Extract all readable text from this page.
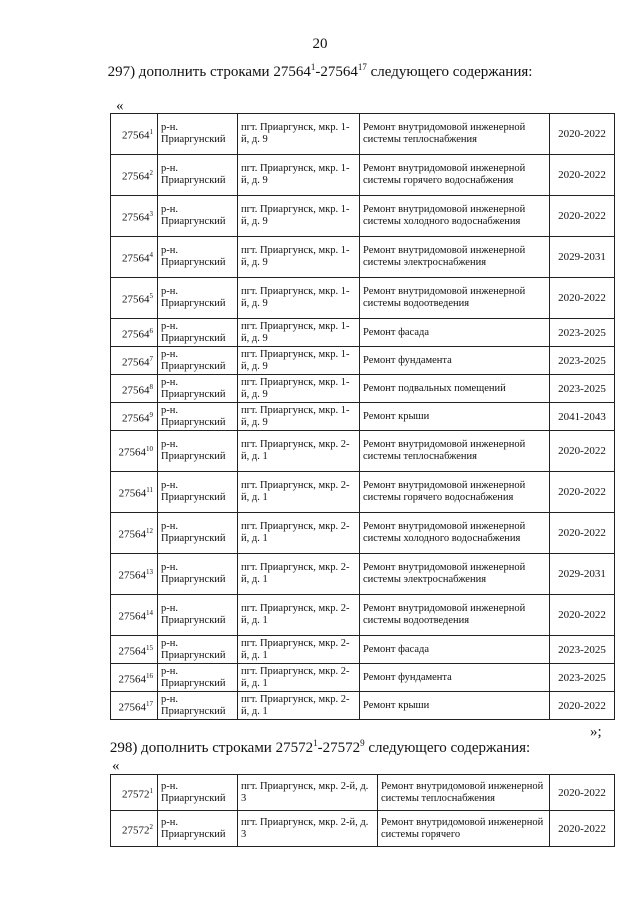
20
297) дополнить строками 27564$^1$-27564$^{17}$ следующего содержания:
«
27564$^1$	р-н. Приаргунский	пгт. Приаргунск, мкр. 1-й, д. 9	Ремонт внутридомовой инженерной системы теплоснабжения	2020-2022
27564$^2$	р-н. Приаргунский	пгт. Приаргунск, мкр. 1-й, д. 9	Ремонт внутридомовой инженерной системы горячего водоснабжения	2020-2022
27564$^3$	р-н. Приаргунский	пгт. Приаргунск, мкр. 1-й, д. 9	Ремонт внутридомовой инженерной системы холодного водоснабжения	2020-2022
27564$^4$	р-н. Приаргунский	пгт. Приаргунск, мкр. 1-й, д. 9	Ремонт внутридомовой инженерной системы электроснабжения	2029-2031
27564$^5$	р-н. Приаргунский	пгт. Приаргунск, мкр. 1-й, д. 9	Ремонт внутридомовой инженерной системы водоотведения	2020-2022
27564$^6$	р-н. Приаргунский	пгт. Приаргунск, мкр. 1-й, д. 9	Ремонт фасада	2023-2025
27564$^7$	р-н. Приаргунский	пгт. Приаргунск, мкр. 1-й, д. 9	Ремонт фундамента	2023-2025
27564$^8$	р-н. Приаргунский	пгт. Приаргунск, мкр. 1-й, д. 9	Ремонт подвальных помещений	2023-2025
27564$^9$	р-н. Приаргунский	пгт. Приаргунск, мкр. 1-й, д. 9	Ремонт крыши	2041-2043
27564$^{10}$	р-н. Приаргунский	пгт. Приаргунск, мкр. 2-й, д. 1	Ремонт внутридомовой инженерной системы теплоснабжения	2020-2022
27564$^{11}$	р-н. Приаргунский	пгт. Приаргунск, мкр. 2-й, д. 1	Ремонт внутридомовой инженерной системы горячего водоснабжения	2020-2022
27564$^{12}$	р-н. Приаргунский	пгт. Приаргунск, мкр. 2-й, д. 1	Ремонт внутридомовой инженерной системы холодного водоснабжения	2020-2022
27564$^{13}$	р-н. Приаргунский	пгт. Приаргунск, мкр. 2-й, д. 1	Ремонт внутридомовой инженерной системы электроснабжения	2029-2031
27564$^{14}$	р-н. Приаргунский	пгт. Приаргунск, мкр. 2-й, д. 1	Ремонт внутридомовой инженерной системы водоотведения	2020-2022
27564$^{15}$	р-н. Приаргунский	пгт. Приаргунск, мкр. 2-й, д. 1	Ремонт фасада	2023-2025
27564$^{16}$	р-н. Приаргунский	пгт. Приаргунск, мкр. 2-й, д. 1	Ремонт фундамента	2023-2025
27564$^{17}$	р-н. Приаргунский	пгт. Приаргунск, мкр. 2-й, д. 1	Ремонт крыши	2020-2022
»;
298) дополнить строками 27572$^1$-27572$^9$ следующего содержания:
«
27572$^1$	р-н. Приаргунский	пгт. Приаргунск, мкр. 2-й, д. 3	Ремонт внутридомовой инженерной системы теплоснабжения	2020-2022
27572$^2$	р-н. Приаргунский	пгт. Приаргунск, мкр. 2-й, д. 3	Ремонт внутридомовой инженерной системы горячего	2020-2022
